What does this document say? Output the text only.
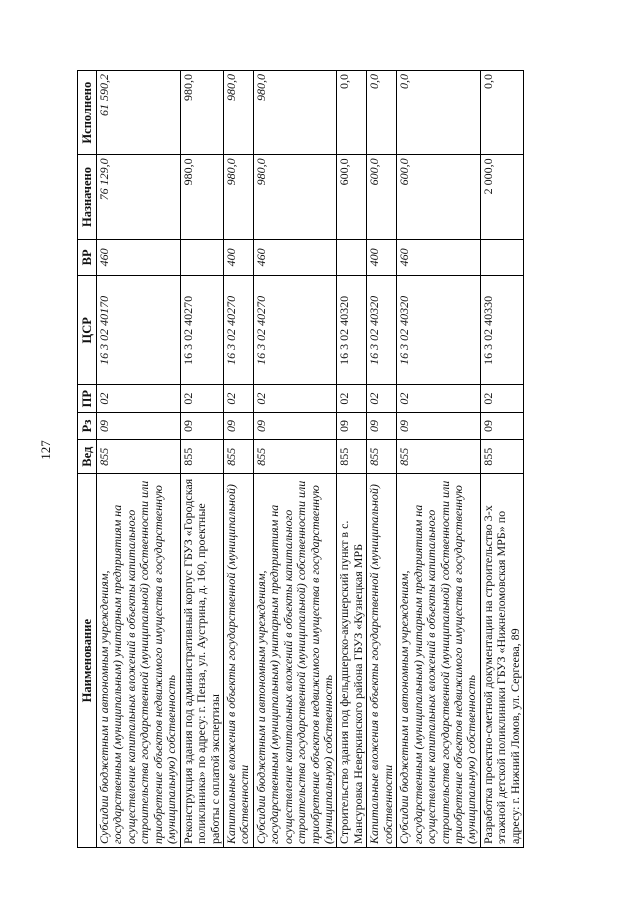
127
Наименование	Вед	Рз	ПР	ЦСР	ВР	Назначено	Исполнено
Субсидии бюджетным и автономным учреждениям, государственным (муниципальным) унитарным предприятиям на осуществление капитальных вложений в объекты капитального строительства государственной (муниципальной) собственности или приобретение объектов недвижимого имущества в государственную (муниципальную) собственность	855	09	02	16 3 02 40170	460	76 129,0	61 590,2
Реконструкция здания под административный корпус ГБУЗ «Городская поликлиника» по адресу: г. Пенза, ул. Аустрина, д. 160, проектные работы с оплатой экспертизы	855	09	02	16 3 02 40270		980,0	980,0
Капитальные вложения в объекты государственной (муниципальной) собственности	855	09	02	16 3 02 40270	400	980,0	980,0
Субсидии бюджетным и автономным учреждениям, государственным (муниципальным) унитарным предприятиям на осуществление капитальных вложений в объекты капитального строительства государственной (муниципальной) собственности или приобретение объектов недвижимого имущества в государственную (муниципальную) собственность	855	09	02	16 3 02 40270	460	980,0	980,0
Строительство здания под фельдшерско-акушерский пункт в с. Мансуровка Неверкинского района ГБУЗ «Кузнецкая МРБ	855	09	02	16 3 02 40320		600,0	0,0
Капитальные вложения в объекты государственной (муниципальной) собственности	855	09	02	16 3 02 40320	400	600,0	0,0
Субсидии бюджетным и автономным учреждениям, государственным (муниципальным) унитарным предприятиям на осуществление капитальных вложений в объекты капитального строительства государственной (муниципальной) собственности или приобретение объектов недвижимого имущества в государственную (муниципальную) собственность	855	09	02	16 3 02 40320	460	600,0	0,0
Разработка проектно-сметной документации на строительство 3-х этажной детской поликлиники ГБУЗ «Нижнеломовская МРБ» по адресу: г. Нижний Ломов, ул. Сергеева, 89	855	09	02	16 3 02 40330		2 000,0	0,0
